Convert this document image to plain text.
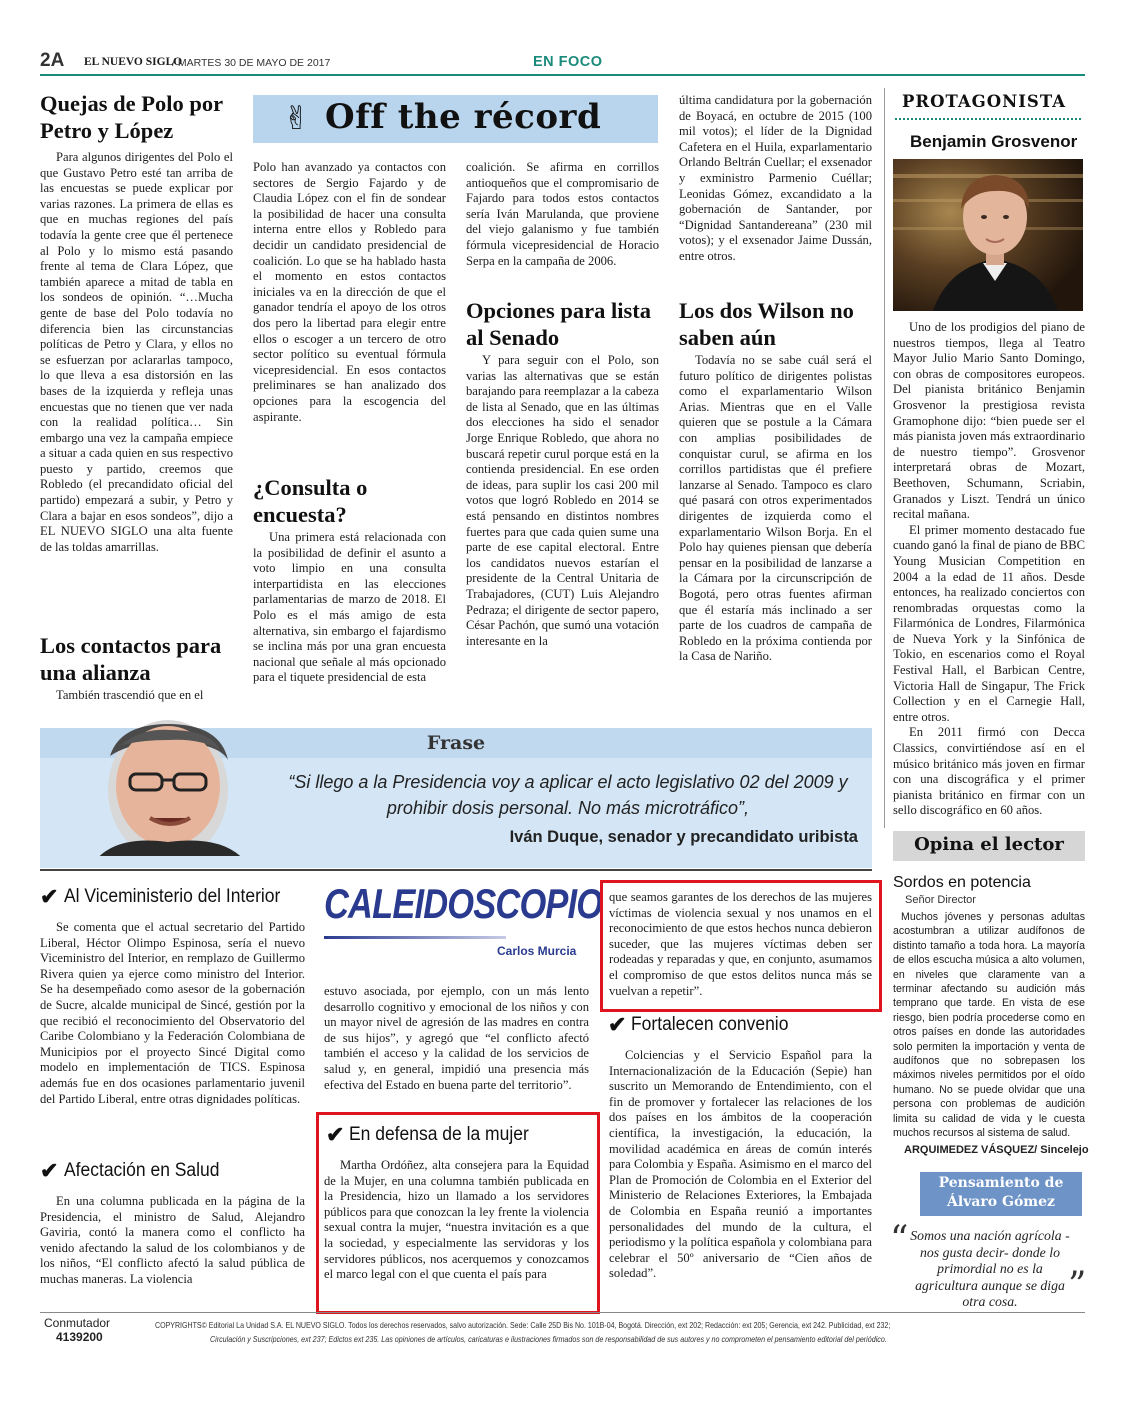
2A EL NUEVO SIGLO
/ MARTES 30 DE MAYO DE 2017	EN FOCO
Quejas de Polo por Petro y López

Para algunos dirigentes del Polo el que Gustavo Petro esté tan arriba de las encuestas se puede explicar por varias razones. La primera de ellas es que en muchas regiones del país todavía la gente cree que él pertenece al Polo y lo mismo está pasando frente al tema de Clara López, que también aparece a mitad de tabla en los sondeos de opinión. “…Mucha gente de base del Polo todavía no diferencia bien las circunstancias políticas de Petro y Clara, y ellos no se esfuerzan por aclararlas tampoco, lo que lleva a esa distorsión en las bases de la izquierda y refleja unas encuestas que no tienen que ver nada con la realidad política… Sin embargo una vez la campaña empiece a situar a cada quien en sus respectivo puesto y partido, creemos que Robledo (el precandidato oficial del partido) empezará a subir, y Petro y Clara a bajar en esos sondeos”, dijo a EL NUEVO SIGLO una alta fuente de las toldas amarrillas.

Los contactos para una alianza

También trascendió que en el

✌ Off the récord

Polo han avanzado ya contactos con sectores de Sergio Fajardo y de Claudia López con el fin de sondear la posibilidad de hacer una consulta interna entre ellos y Robledo para decidir un candidato presidencial de coalición. Lo que se ha hablado hasta el momento en estos contactos iniciales va en la dirección de que el ganador tendría el apoyo de los otros dos pero la libertad para elegir entre ellos o escoger a un tercero de otro sector político su eventual fórmula vicepresidencial. En esos contactos preliminares se han analizado dos opciones para la escogencia del aspirante.

¿Consulta o encuesta?

Una primera está relacionada con la posibilidad de definir el asunto a voto limpio en una consulta interpartidista en las elecciones parlamentarias de marzo de 2018. El Polo es el más amigo de esta alternativa, sin embargo el fajardismo se inclina más por una gran encuesta nacional que señale al más opcionado para el tiquete presidencial de esta

coalición. Se afirma en corrillos antioqueños que el compromisario de Fajardo para todos estos contactos sería Iván Marulanda, que proviene del viejo galanismo y fue también fórmula vicepresidencial de Horacio Serpa en la campaña de 2006.

Opciones para lista al Senado

Y para seguir con el Polo, son varias las alternativas que se están barajando para reemplazar a la cabeza de lista al Senado, que en las últimas dos elecciones ha sido el senador Jorge Enrique Robledo, que ahora no buscará repetir curul porque está en la contienda presidencial. En ese orden de ideas, para suplir los casi 200 mil votos que logró Robledo en 2014 se está pensando en distintos nombres fuertes para que cada quien sume una parte de ese capital electoral. Entre los candidatos nuevos estarían el presidente de la Central Unitaria de Trabajadores, (CUT) Luis Alejandro Pedraza; el dirigente de sector papero, César Pachón, que sumó una votación interesante en la

última candidatura por la gobernación de Boyacá, en octubre de 2015 (100 mil votos); el líder de la Dignidad Cafetera en el Huila, exparlamentario Orlando Beltrán Cuellar; el exsenador y exministro Parmenio Cuéllar; Leonidas Gómez, excandidato a la gobernación de Santander, por “Dignidad Santandereana” (230 mil votos); y el exsenador Jaime Dussán, entre otros.

Los dos Wilson no saben aún

Todavía no se sabe cuál será el futuro político de dirigentes polistas como el exparlamentario Wilson Arias. Mientras que en el Valle quieren que se postule a la Cámara con amplias posibilidades de conquistar curul, se afirma en los corrillos partidistas que él prefiere lanzarse al Senado. Tampoco es claro qué pasará con otros experimentados dirigentes de izquierda como el exparlamentario Wilson Borja. En el Polo hay quienes piensan que debería pensar en la posibilidad de lanzarse a la Cámara por la circunscripción de Bogotá, pero otras fuentes afirman que él estaría más inclinado a ser parte de los cuadros de campaña de Robledo en la próxima contienda por la Casa de Nariño.

PROTAGONISTA
Benjamin Grosvenor

Uno de los prodigios del piano de nuestros tiempos, llega al Teatro Mayor Julio Mario Santo Domingo, con obras de compositores europeos. Del pianista británico Benjamin Grosvenor la prestigiosa revista Gramophone dijo: “bien puede ser el más pianista joven más extraordinario de nuestro tiempo”. Grosvenor interpretará obras de Mozart, Beethoven, Schumann, Scriabin, Granados y Liszt. Tendrá un único recital mañana.

El primer momento destacado fue cuando ganó la final de piano de BBC Young Musician Competition en 2004 a la edad de 11 años. Desde entonces, ha realizado conciertos con renombradas orquestas como la Filarmónica de Londres, Filarmónica de Nueva York y la Sinfónica de Tokio, en escenarios como el Royal Festival Hall, el Barbican Centre, Victoria Hall de Singapur, The Frick Collection y en el Carnegie Hall, entre otros.

En 2011 firmó con Decca Classics, convirtiéndose así en el músico británico más joven en firmar con una discográfica y el primer pianista británico en firmar con un sello discográfico en 60 años.

Frase
“Si llego a la Presidencia voy a aplicar el acto legislativo 02 del 2009 y
prohibir dosis personal. No más microtráfico”,
Iván Duque, senador y precandidato uribista	Opina el lector
Sordos en potencia
Señor Director

Muchos jóvenes y personas adultas acostumbran a utilizar audífonos de distinto tamaño a toda hora. La mayoría de ellos escucha música a alto volumen, en niveles que claramente van a terminar afectando su audición más temprano que tarde. En vista de ese riesgo, bien podría procederse como en otros países en donde las autoridades solo permiten la importación y venta de audífonos que no sobrepasen los máximos niveles permitidos por el oído humano. No se puede olvidar que una persona con problemas de audición limita su calidad de vida y le cuesta muchos recursos al sistema de salud.

ARQUIMEDEZ VÁSQUEZ/ Sincelejo
Pensamiento de
Álvaro Gómez
“ Somos una nación agrícola -nos gusta decir- donde lo primordial no es la agricultura aunque se diga otra cosa.	”
✔ Al Viceministerio del Interior

Se comenta que el actual secretario del Partido Liberal, Héctor Olimpo Espinosa, sería el nuevo Viceministro del Interior, en remplazo de Guillermo Rivera quien ya ejerce como ministro del Interior. Se ha desempeñado como asesor de la gobernación de Sucre, alcalde municipal de Sincé, gestión por la que recibió el reconocimiento del Observatorio del Caribe Colombiano y la Federación Colombiana de Municipios por el proyecto Sincé Digital como modelo en implementación de TICS. Espinosa además fue en dos ocasiones parlamentario juvenil del Partido Liberal, entre otras dignidades políticas.

✔ Afectación en Salud

En una columna publicada en la página de la Presidencia, el ministro de Salud, Alejandro Gaviria, contó la manera como el conflicto ha venido afectando la salud de los colombianos y de los niños, “El conflicto afectó la salud pública de muchas maneras. La violencia

CALEIDOSCOPIO
Carlos Murcia

estuvo asociada, por ejemplo, con un más lento desarrollo cognitivo y emocional de los niños y con un mayor nivel de agresión de las madres en contra de sus hijos”, y agregó que “el conflicto afectó también el acceso y la calidad de los servicios de salud y, en general, impidió una presencia más efectiva del Estado en buena parte del territorio”.

✔ En defensa de la mujer

Martha Ordóñez, alta consejera para la Equidad de la Mujer, en una columna también publicada en la Presidencia, hizo un llamado a los servidores públicos para que conozcan la ley frente la violencia sexual contra la mujer, “nuestra invitación es a que la sociedad, y especialmente las servidoras y los servidores públicos, nos acerquemos y conozcamos el marco legal con el que cuenta el país para

que seamos garantes de los derechos de las mujeres víctimas de violencia sexual y nos unamos en el reconocimiento de que estos hechos nunca debieron suceder, que las mujeres víctimas deben ser rodeadas y reparadas y que, en conjunto, asumamos el compromiso de que estos delitos nunca más se vuelvan a repetir”.

✔ Fortalecen convenio

Colciencias y el Servicio Español para la Internacionalización de la Educación (Sepie) han suscrito un Memorando de Entendimiento, con el fin de promover y fortalecer las relaciones de los dos países en los ámbitos de la cooperación científica, la investigación, la educación, la movilidad académica en áreas de común interés para Colombia y España. Asimismo en el marco del Plan de Promoción de Colombia en el Exterior del Ministerio de Relaciones Exteriores, la Embajada de Colombia en España reunió a importantes personalidades del mundo de la cultura, el periodismo y la política española y colombiana para celebrar el 50º aniversario de “Cien años de soledad”.

Conmutador
4139200
COPYRIGHTS© Editorial La Unidad S.A. EL NUEVO SIGLO. Todos los derechos reservados, salvo autorización. Sede: Calle 25D Bis No. 101B-04, Bogotá. Dirección, ext 202; Redacción: ext 205; Gerencia, ext 242. Publicidad, ext 232;
Circulación y Suscripciones, ext 237; Edictos ext 235. Las opiniones de artículos, caricaturas e ilustraciones firmados son de responsabilidad de sus autores y no comprometen el pensamiento editorial del periódico.
